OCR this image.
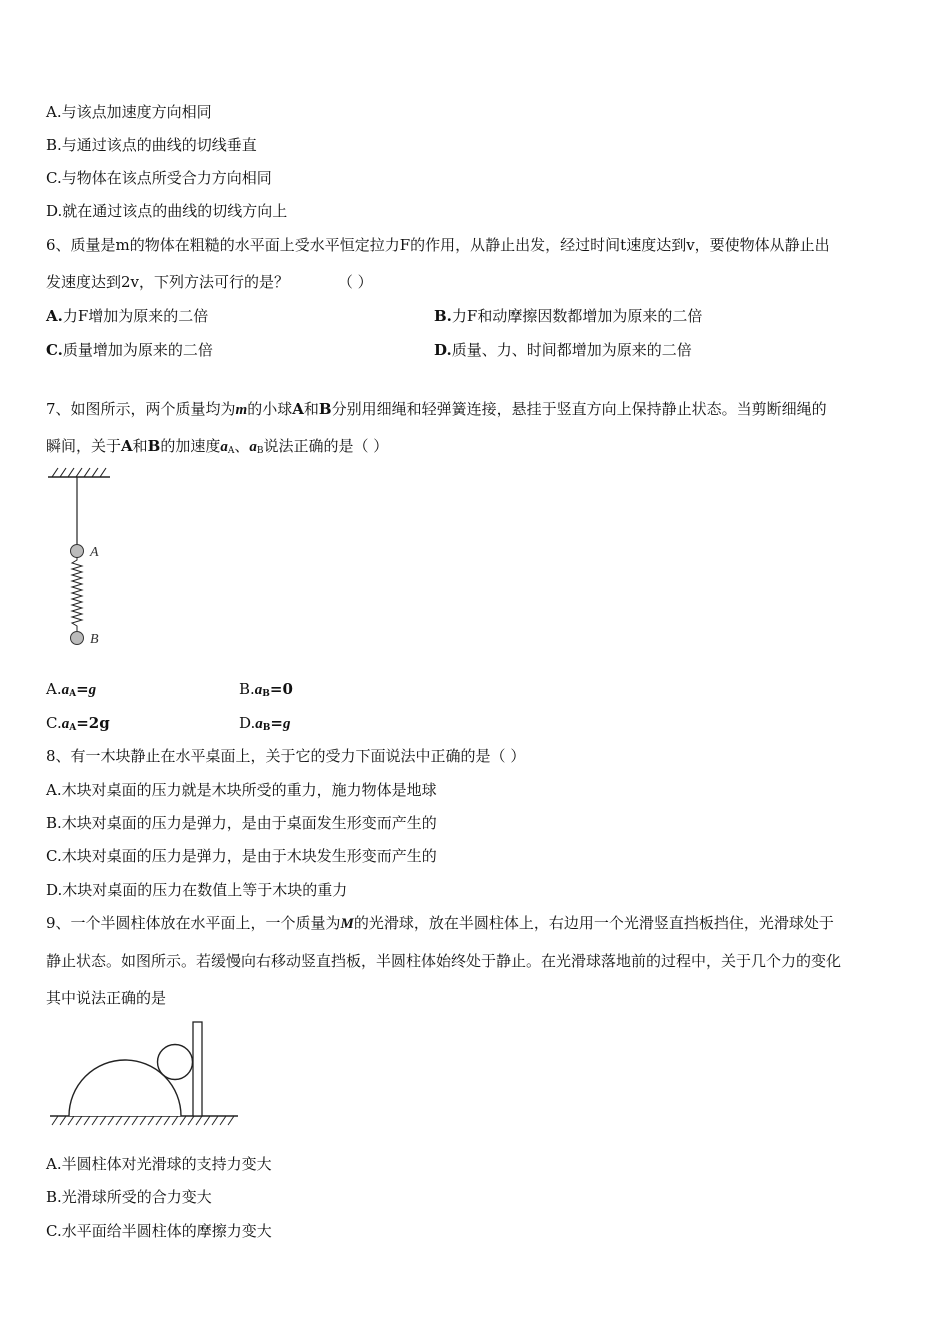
A.与该点加速度方向相同
B.与通过该点的曲线的切线垂直
C.与物体在该点所受合力方向相同
D.就在通过该点的曲线的切线方向上
6、质量是m的物体在粗糙的水平面上受水平恒定拉力F的作用，从静止出发，经过时间t速度达到v，要使物体从静止出
发速度达到2v，下列方法可行的是？	（ ）
A.力F增加为原来的二倍	B.力F和动摩擦因数都增加为原来的二倍
C.质量增加为原来的二倍	D.质量、力、时间都增加为原来的二倍
7、如图所示，两个质量均为m的小球A和B分别用细绳和轻弹簧连接，悬挂于竖直方向上保持静止状态。当剪断细绳的
瞬间，关于A和B的加速度$a_A$、$a_B$说法正确的是（ ）
A
B
$A.a_A=g$	$B.a_B=0$
$C.a_A=2g$	$D.a_B=g$
8、有一木块静止在水平桌面上，关于它的受力下面说法中正确的是（ ）
A.木块对桌面的压力就是木块所受的重力，施力物体是地球
B.木块对桌面的压力是弹力，是由于桌面发生形变而产生的
C.木块对桌面的压力是弹力，是由于木块发生形变而产生的
D.木块对桌面的压力在数值上等于木块的重力
9、一个半圆柱体放在水平面上，一个质量为M的光滑球，放在半圆柱体上，右边用一个光滑竖直挡板挡住，光滑球处于
静止状态。如图所示。若缓慢向右移动竖直挡板，半圆柱体始终处于静止。在光滑球落地前的过程中，关于几个力的变化
其中说法正确的是
A.半圆柱体对光滑球的支持力变大
B.光滑球所受的合力变大
C.水平面给半圆柱体的摩擦力变大
